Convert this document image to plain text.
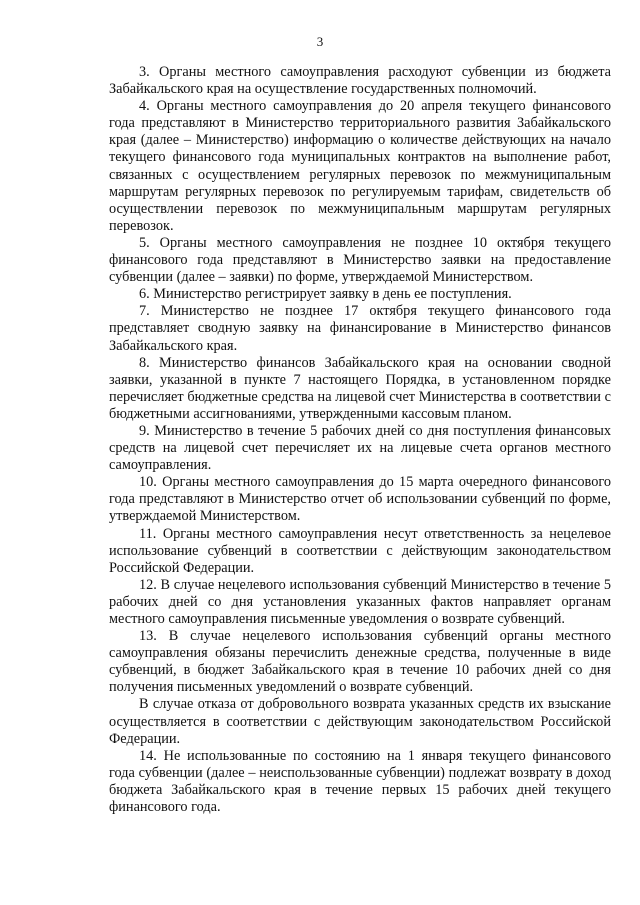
3

3. Органы местного самоуправления расходуют субвенции из бюджета Забайкальского края на осуществление государственных полномочий.

4. Органы местного самоуправления до 20 апреля текущего финансового года представляют в Министерство территориального развития Забайкальского края (далее – Министерство) информацию о количестве действующих на начало текущего финансового года муниципальных контрактов на выполнение работ, связанных с осуществлением регулярных перевозок по межмуниципальным маршрутам регулярных перевозок по регулируемым тарифам, свидетельств об осуществлении перевозок по межмуниципальным маршрутам регулярных перевозок.

5. Органы местного самоуправления не позднее 10 октября текущего финансового года представляют в Министерство заявки на предоставление субвенции (далее – заявки) по форме, утверждаемой Министерством.

6. Министерство регистрирует заявку в день ее поступления.

7. Министерство не позднее 17 октября текущего финансового года представляет сводную заявку на финансирование в Министерство финансов Забайкальского края.

8. Министерство финансов Забайкальского края на основании сводной заявки, указанной в пункте 7 настоящего Порядка, в установленном порядке перечисляет бюджетные средства на лицевой счет Министерства в соответствии с бюджетными ассигнованиями, утвержденными кассовым планом.

9. Министерство в течение 5 рабочих дней со дня поступления финансовых средств на лицевой счет перечисляет их на лицевые счета органов местного самоуправления.

10. Органы местного самоуправления до 15 марта очередного финансового года представляют в Министерство отчет об использовании субвенций по форме, утверждаемой Министерством.

11. Органы местного самоуправления несут ответственность за нецелевое использование субвенций в соответствии с действующим законодательством Российской Федерации.

12. В случае нецелевого использования субвенций Министерство в течение 5 рабочих дней со дня установления указанных фактов направляет органам местного самоуправления письменные уведомления о возврате субвенций.

13. В случае нецелевого использования субвенций органы местного самоуправления обязаны перечислить денежные средства, полученные в виде субвенций, в бюджет Забайкальского края в течение 10 рабочих дней со дня получения письменных уведомлений о возврате субвенций.

В случае отказа от добровольного возврата указанных средств их взыскание осуществляется в соответствии с действующим законодательством Российской Федерации.

14. Не использованные по состоянию на 1 января текущего финансового года субвенции (далее – неиспользованные субвенции) подлежат возврату в доход бюджета Забайкальского края в течение первых 15 рабочих дней текущего финансового года.
